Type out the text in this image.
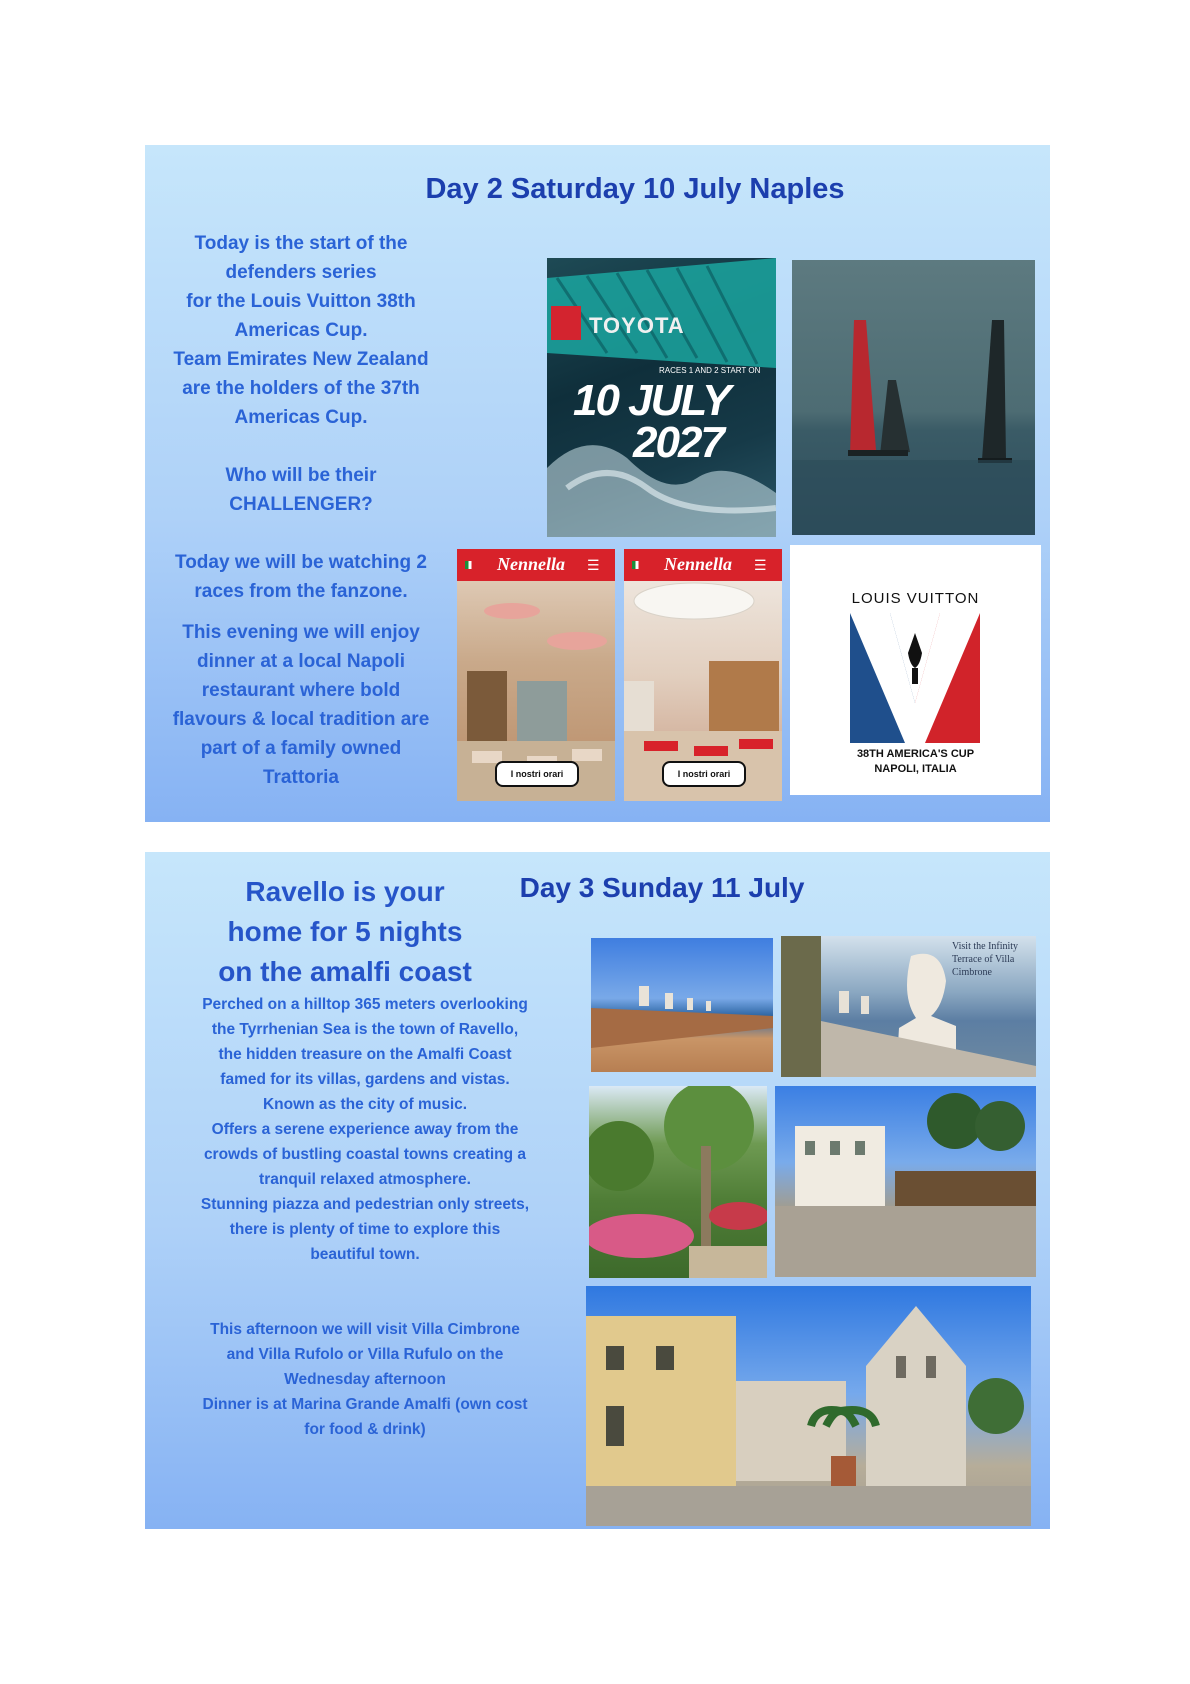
Day 2 Saturday 10 July Naples
Today is the start of the
defenders series
for the Louis Vuitton 38th
Americas Cup.
Team Emirates New Zealand
are the holders of the 37th
Americas Cup.

Who will be their
CHALLENGER?

Today we will be watching 2
races from the fanzone.
This evening we will enjoy
dinner at a local Napoli
restaurant where bold
flavours & local tradition are
part of a family owned
Trattoria
TOYOTA
RACES 1 AND 2 START ON
10 JULY
2027
Nennella ☰
I nostri orari
Nennella ☰
I nostri orari
LOUIS VUITTON
38TH AMERICA'S CUP
NAPOLI, ITALIA
Ravello is your
home for 5 nights
on the amalfi coast
Day 3 Sunday 11 July
Perched on a hilltop 365 meters overlooking
the Tyrrhenian Sea is the town of Ravello,
the hidden treasure on the Amalfi Coast
famed for its villas, gardens and vistas.
Known as the city of music.
Offers a serene experience away from the
crowds of bustling coastal towns creating a
tranquil relaxed atmosphere.
Stunning piazza and pedestrian only streets,
there is plenty of time to explore this
beautiful town.
This afternoon we will visit Villa Cimbrone
and Villa Rufolo or Villa Rufulo on the
Wednesday afternoon
Dinner is at Marina Grande Amalfi (own cost
for food & drink)
Visit the Infinity Terrace of Villa Cimbrone
